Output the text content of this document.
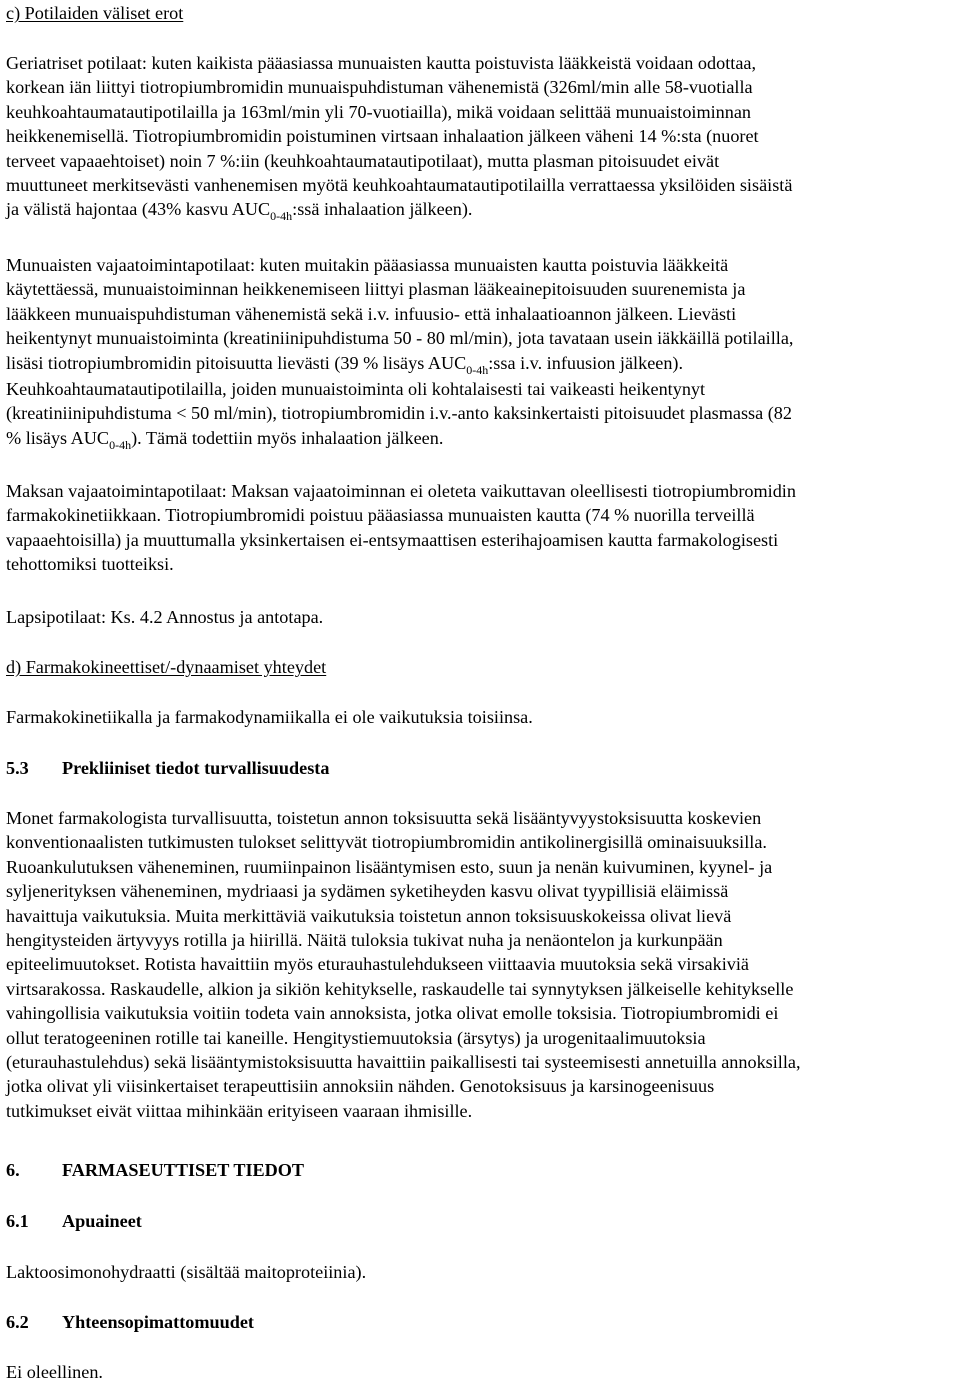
c) Potilaiden väliset erot

Geriatriset potilaat: kuten kaikista pääasiassa munuaisten kautta poistuvista lääkkeistä voidaan odottaa,
korkean iän liittyi tiotropiumbromidin munuaispuhdistuman vähenemistä (326ml/min alle 58-vuotialla
keuhkoahtaumatautipotilailla ja 163ml/min yli 70-vuotiailla), mikä voidaan selittää munuaistoiminnan
heikkenemisellä. Tiotropiumbromidin poistuminen virtsaan inhalaation jälkeen väheni 14 %:sta (nuoret
terveet vapaaehtoiset) noin 7 %:iin (keuhkoahtaumatautipotilaat), mutta plasman pitoisuudet eivät
muuttuneet merkitsevästi vanhenemisen myötä keuhkoahtaumatautipotilailla verrattaessa yksilöiden sisäistä
ja välistä hajontaa (43% kasvu $AUC_{0-4h}:ssä$ inhalaation jälkeen).
Munuaisten vajaatoimintapotilaat: kuten muitakin pääasiassa munuaisten kautta poistuvia lääkkeitä
käytettäessä, munuaistoiminnan heikkenemiseen liittyi plasman lääkeainepitoisuuden suurenemista ja
lääkkeen munuaispuhdistuman vähenemistä sekä i.v. infuusio- että inhalaatioannon jälkeen. Lievästi
heikentynyt munuaistoiminta (kreatiniinipuhdistuma 50 - 80 ml/min), jota tavataan usein iäkkäillä potilailla,
lisäsi tiotropiumbromidin pitoisuutta lievästi (39 % lisäys $AUC_{0-4h}:ssa$ i.v. infuusion jälkeen).
Keuhkoahtaumatautipotilailla, joiden munuaistoiminta oli kohtalaisesti tai vaikeasti heikentynyt
(kreatiniinipuhdistuma < 50 ml/min), tiotropiumbromidin i.v.-anto kaksinkertaisti pitoisuudet plasmassa (82
% lisäys $AUC_{0-4h}$). Tämä todettiin myös inhalaation jälkeen.
Maksan vajaatoimintapotilaat: Maksan vajaatoiminnan ei oleteta vaikuttavan oleellisesti tiotropiumbromidin
farmakokinetiikkaan. Tiotropiumbromidi poistuu pääasiassa munuaisten kautta (74 % nuorilla terveillä
vapaaehtoisilla) ja muuttumalla yksinkertaisen ei-entsymaattisen esterihajoamisen kautta farmakologisesti
tehottomiksi tuotteiksi.

Lapsipotilaat: Ks. 4.2 Annostus ja antotapa.

d) Farmakokineettiset/-dynaamiset yhteydet

Farmakokinetiikalla ja farmakodynamiikalla ei ole vaikutuksia toisiinsa.

5.3 Prekliiniset tiedot turvallisuudesta

Monet farmakologista turvallisuutta, toistetun annon toksisuutta sekä lisääntyvyystoksisuutta koskevien
konventionaalisten tutkimusten tulokset selittyvät tiotropiumbromidin antikolinergisillä ominaisuuksilla.
Ruoankulutuksen väheneminen, ruumiinpainon lisääntymisen esto, suun ja nenän kuivuminen, kyynel- ja
syljenerityksen väheneminen, mydriaasi ja sydämen syketiheyden kasvu olivat tyypillisiä eläimissä
havaittuja vaikutuksia. Muita merkittäviä vaikutuksia toistetun annon toksisuuskokeissa olivat lievä
hengitysteiden ärtyvyys rotilla ja hiirillä. Näitä tuloksia tukivat nuha ja nenäontelon ja kurkunpään
epiteelimuutokset. Rotista havaittiin myös eturauhastulehdukseen viittaavia muutoksia sekä virsakiviä
virtsarakossa. Raskaudelle, alkion ja sikiön kehitykselle, raskaudelle tai synnytyksen jälkeiselle kehitykselle
vahingollisia vaikutuksia voitiin todeta vain annoksista, jotka olivat emolle toksisia. Tiotropiumbromidi ei
ollut teratogeeninen rotille tai kaneille. Hengitystiemuutoksia (ärsytys) ja urogenitaalimuutoksia
(eturauhastulehdus) sekä lisääntymistoksisuutta havaittiin paikallisesti tai systeemisesti annetuilla annoksilla,
jotka olivat yli viisinkertaiset terapeuttisiin annoksiin nähden. Genotoksisuus ja karsinogeenisuus
tutkimukset eivät viittaa mihinkään erityiseen vaaraan ihmisille.

6. FARMASEUTTISET TIEDOT

6.1 Apuaineet

Laktoosimonohydraatti (sisältää maitoproteiinia).

6.2 Yhteensopimattomuudet

Ei oleellinen.
